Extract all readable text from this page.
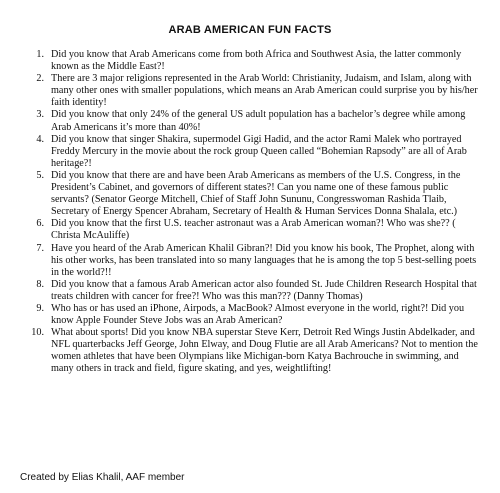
ARAB AMERICAN FUN FACTS
1. Did you know that Arab Americans come from both Africa and Southwest Asia, the latter commonly known as the Middle East?!
2. There are 3 major religions represented in the Arab World: Christianity, Judaism, and Islam, along with many other ones with smaller populations, which means an Arab American could surprise you by his/her faith identity!
3. Did you know that only 24% of the general US adult population has a bachelor’s degree while among Arab Americans it’s more than 40%!
4. Did you know that singer Shakira, supermodel Gigi Hadid, and the actor Rami Malek who portrayed Freddy Mercury in the movie about the rock group Queen called “Bohemian Rapsody” are all of Arab heritage?!
5. Did you know that there are and have been Arab Americans as members of the U.S. Congress, in the President’s Cabinet, and governors of different states?! Can you name one of these famous public servants? (Senator George Mitchell, Chief of Staff John Sununu, Congresswoman Rashida Tlaib, Secretary of Energy Spencer Abraham, Secretary of Health & Human Services Donna Shalala, etc.)
6. Did you know that the first U.S. teacher astronaut was a Arab American woman?! Who was she?? ( Christa McAuliffe)
7. Have you heard of the Arab American Khalil Gibran?! Did you know his book, The Prophet, along with his other works, has been translated into so many languages that he is among the top 5 best-selling poets in the world?!!
8. Did you know that a famous Arab American actor also founded St. Jude Children Research Hospital that treats children with cancer for free?! Who was this man??? (Danny Thomas)
9. Who has or has used an iPhone, Airpods, a MacBook? Almost everyone in the world, right?! Did you know Apple Founder Steve Jobs was an Arab American?
10. What about sports! Did you know NBA superstar Steve Kerr, Detroit Red Wings Justin Abdelkader, and NFL quarterbacks Jeff George, John Elway, and Doug Flutie are all Arab Americans? Not to mention the women athletes that have been Olympians like Michigan-born Katya Bachrouche in swimming, and many others in track and field, figure skating, and yes, weightlifting!

Created by Elias Khalil, AAF member
